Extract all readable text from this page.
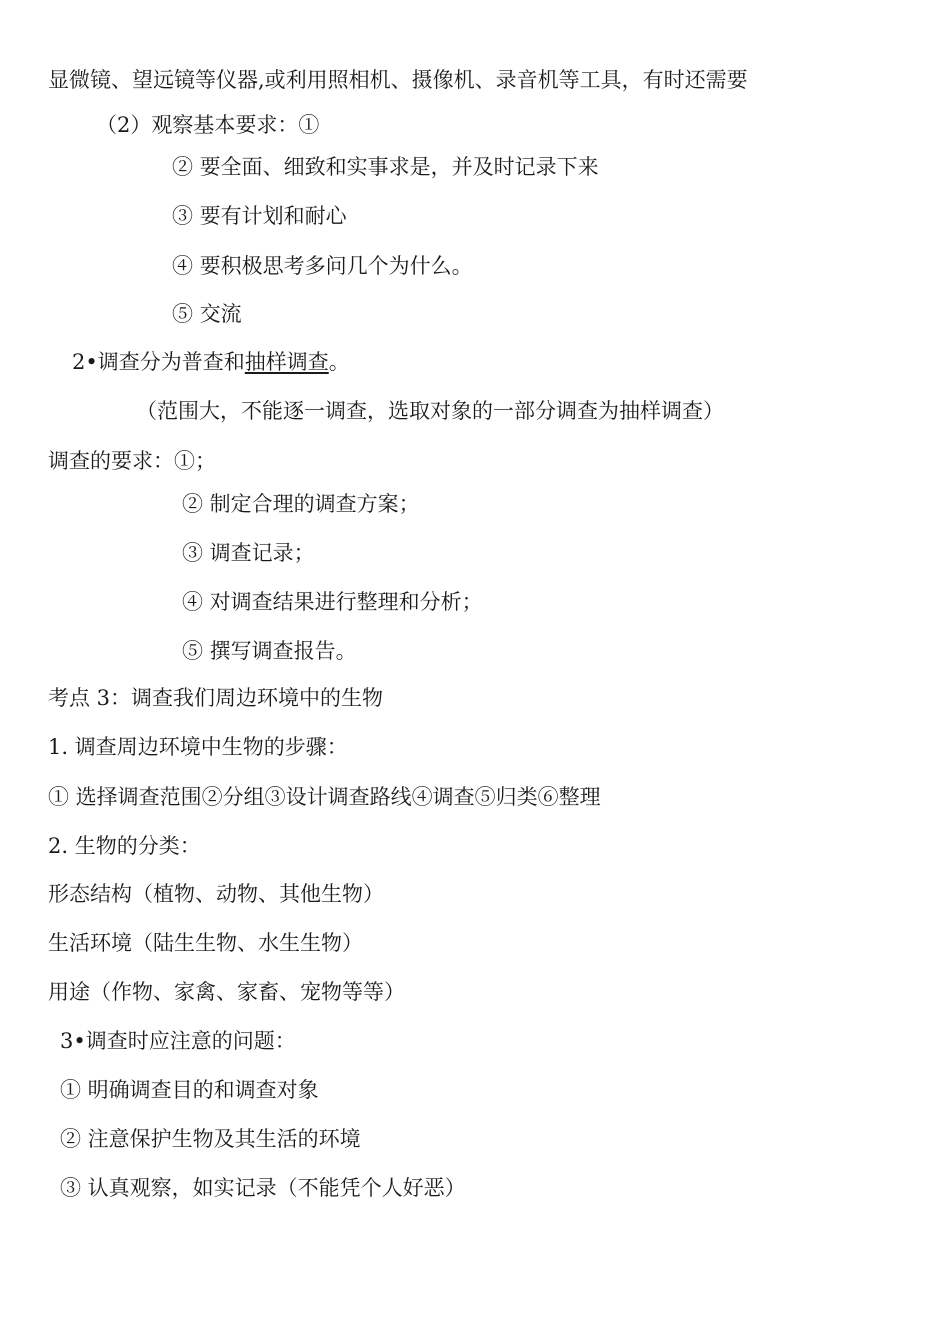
显微镜、望远镜等仪器,或利用照相机、摄像机、录音机等工具，有时还需要
（2）观察基本要求：①
② 要全面、细致和实事求是，并及时记录下来
③ 要有计划和耐心
④ 要积极思考多问几个为什么。
⑤ 交流
2•调查分为普查和抽样调查。
（范围大，不能逐一调查，选取对象的一部分调查为抽样调查）
调查的要求：①；
② 制定合理的调查方案；
③ 调查记录；
④ 对调查结果进行整理和分析；
⑤ 撰写调查报告。
考点 3：调查我们周边环境中的生物
1. 调查周边环境中生物的步骤：
① 选择调查范围②分组③设计调查路线④调查⑤归类⑥整理
2. 生物的分类：
形态结构（植物、动物、其他生物）
生活环境（陆生生物、水生生物）
用途（作物、家禽、家畜、宠物等等）
3•调查时应注意的问题：
① 明确调查目的和调查对象
② 注意保护生物及其生活的环境
③ 认真观察，如实记录（不能凭个人好恶）
